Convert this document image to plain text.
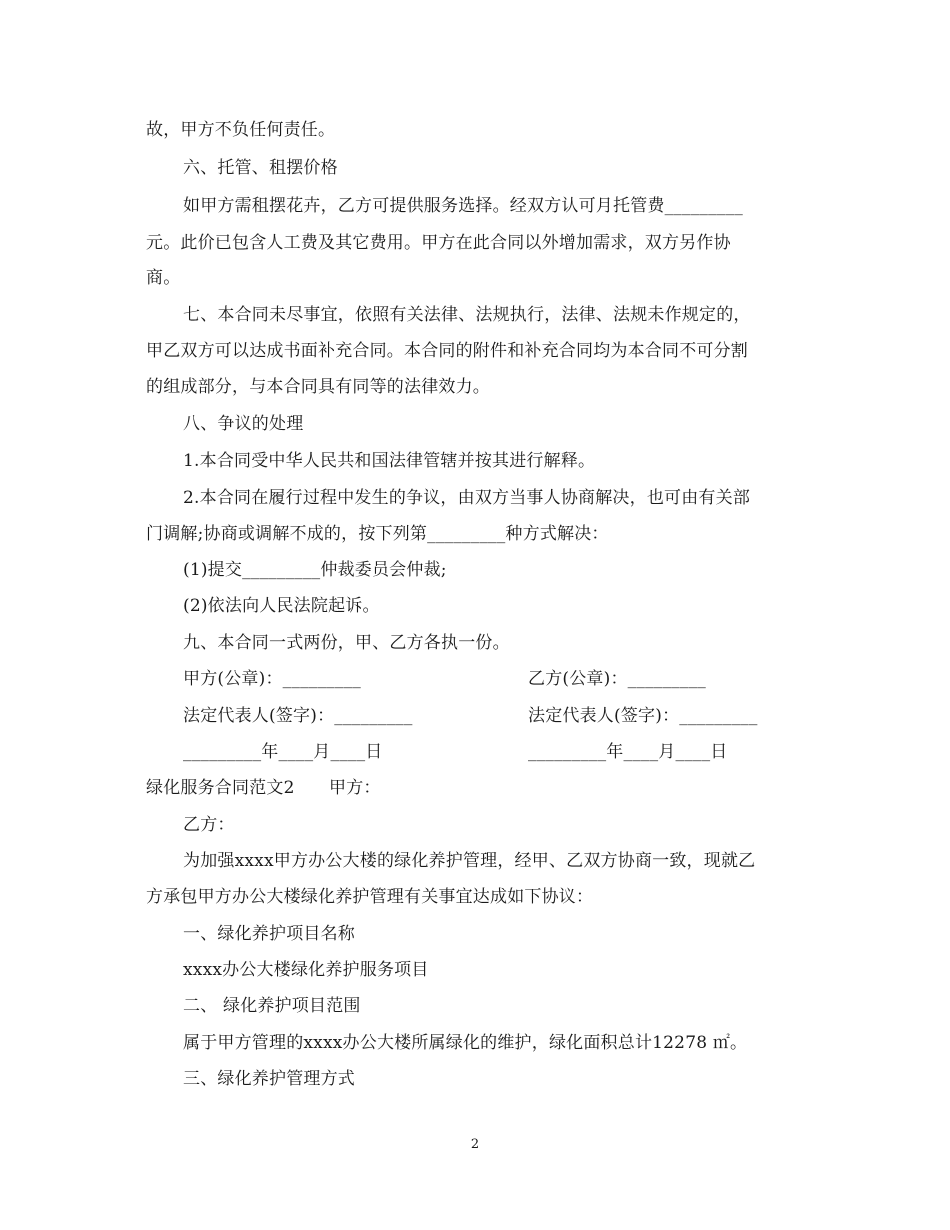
故，甲方不负任何责任。
六、托管、租摆价格
如甲方需租摆花卉，乙方可提供服务选择。经双方认可月托管费_________
元。此价已包含人工费及其它费用。甲方在此合同以外增加需求，双方另作协
商。
七、本合同未尽事宜，依照有关法律、法规执行，法律、法规未作规定的，
甲乙双方可以达成书面补充合同。本合同的附件和补充合同均为本合同不可分割
的组成部分，与本合同具有同等的法律效力。
八、争议的处理
1.本合同受中华人民共和国法律管辖并按其进行解释。
2.本合同在履行过程中发生的争议，由双方当事人协商解决，也可由有关部
门调解;协商或调解不成的，按下列第_________种方式解决：
(1)提交_________仲裁委员会仲裁;
(2)依法向人民法院起诉。
九、本合同一式两份，甲、乙方各执一份。
甲方(公章)：_________	乙方(公章)：_________
法定代表人(签字)：_________	法定代表人(签字)：_________
_________年____月____日	_________年____月____日
绿化服务合同范文2　　甲方：
乙方：
为加强xxxx甲方办公大楼的绿化养护管理，经甲、乙双方协商一致，现就乙
方承包甲方办公大楼绿化养护管理有关事宜达成如下协议：
一、绿化养护项目名称
xxxx办公大楼绿化养护服务项目
二、 绿化养护项目范围
属于甲方管理的xxxx办公大楼所属绿化的维护，绿化面积总计12278 ㎡。
三、绿化养护管理方式
2
